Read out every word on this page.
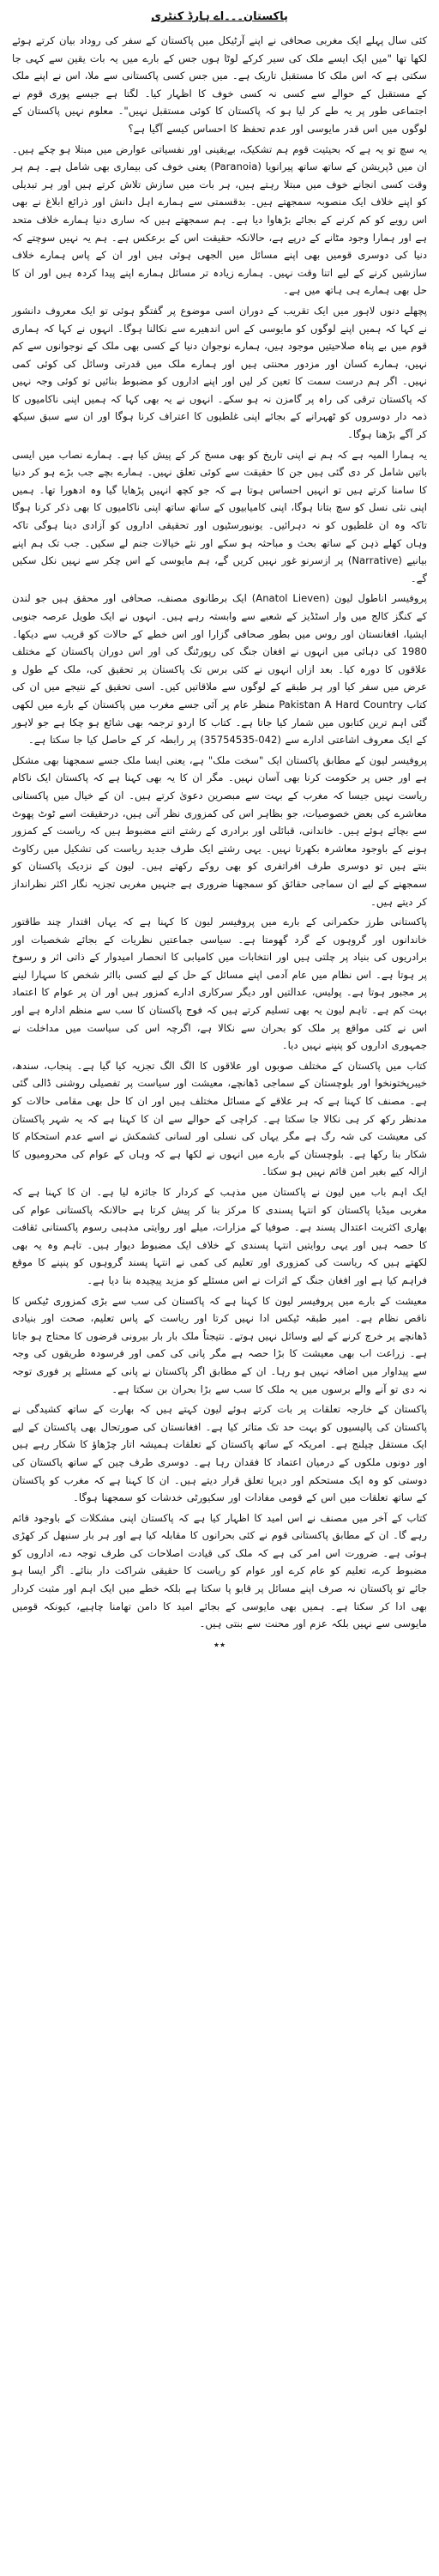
پاکستان۔۔۔اے ہارڈ کنٹری

کئی سال پہلے ایک مغربی صحافی نے اپنے آرٹیکل میں پاکستان کے سفر کی روداد بیان کرتے ہوئے لکھا تھا "میں ایک ایسے ملک کی سیر کرکے لوٹا ہوں جس کے بارے میں یہ بات یقین سے کہی جا سکتی ہے کہ اس ملک کا مستقبل تاریک ہے۔ میں جس کسی پاکستانی سے ملا، اس نے اپنے ملک کے مستقبل کے حوالے سے کسی نہ کسی خوف کا اظہار کیا۔ لگتا ہے جیسے پوری قوم نے اجتماعی طور پر یہ طے کر لیا ہو کہ پاکستان کا کوئی مستقبل نہیں"۔ معلوم نہیں پاکستان کے لوگوں میں اس قدر مایوسی اور عدم تحفظ کا احساس کیسے آگیا ہے؟

یہ سچ تو یہ ہے کہ بحیثیت قوم ہم تشکیک، بےیقینی اور نفسیاتی عوارض میں مبتلا ہو چکے ہیں۔ ان میں ڈپریشن کے ساتھ ساتھ پیرانویا (Paranoia) یعنی خوف کی بیماری بھی شامل ہے۔ ہم ہر وقت کسی انجانے خوف میں مبتلا رہتے ہیں، ہر بات میں سازش تلاش کرتے ہیں اور ہر تبدیلی کو اپنے خلاف ایک منصوبہ سمجھتے ہیں۔ بدقسمتی سے ہمارے اہل دانش اور ذرائع ابلاغ نے بھی اس رویے کو کم کرنے کے بجائے بڑھاوا دیا ہے۔ ہم سمجھتے ہیں کہ ساری دنیا ہمارے خلاف متحد ہے اور ہمارا وجود مٹانے کے درپے ہے، حالانکہ حقیقت اس کے برعکس ہے۔ ہم یہ نہیں سوچتے کہ دنیا کی دوسری قومیں بھی اپنے مسائل میں الجھی ہوئی ہیں اور ان کے پاس ہمارے خلاف سازشیں کرنے کے لیے اتنا وقت نہیں۔ ہمارے زیادہ تر مسائل ہمارے اپنے پیدا کردہ ہیں اور ان کا حل بھی ہمارے ہی ہاتھ میں ہے۔

پچھلے دنوں لاہور میں ایک تقریب کے دوران اسی موضوع پر گفتگو ہوئی تو ایک معروف دانشور نے کہا کہ ہمیں اپنے لوگوں کو مایوسی کے اس اندھیرے سے نکالنا ہوگا۔ انہوں نے کہا کہ ہماری قوم میں بے پناہ صلاحیتیں موجود ہیں، ہمارے نوجوان دنیا کے کسی بھی ملک کے نوجوانوں سے کم نہیں، ہمارے کسان اور مزدور محنتی ہیں اور ہمارے ملک میں قدرتی وسائل کی کوئی کمی نہیں۔ اگر ہم درست سمت کا تعین کر لیں اور اپنے اداروں کو مضبوط بنائیں تو کوئی وجہ نہیں کہ پاکستان ترقی کی راہ پر گامزن نہ ہو سکے۔ انہوں نے یہ بھی کہا کہ ہمیں اپنی ناکامیوں کا ذمہ دار دوسروں کو ٹھہرانے کے بجائے اپنی غلطیوں کا اعتراف کرنا ہوگا اور ان سے سبق سیکھ کر آگے بڑھنا ہوگا۔

یہ ہمارا المیہ ہے کہ ہم نے اپنی تاریخ کو بھی مسخ کر کے پیش کیا ہے۔ ہمارے نصاب میں ایسی باتیں شامل کر دی گئی ہیں جن کا حقیقت سے کوئی تعلق نہیں۔ ہمارے بچے جب بڑے ہو کر دنیا کا سامنا کرتے ہیں تو انہیں احساس ہوتا ہے کہ جو کچھ انہیں پڑھایا گیا وہ ادھورا تھا۔ ہمیں اپنی نئی نسل کو سچ بتانا ہوگا، اپنی کامیابیوں کے ساتھ ساتھ اپنی ناکامیوں کا بھی ذکر کرنا ہوگا تاکہ وہ ان غلطیوں کو نہ دہرائیں۔ یونیورسٹیوں اور تحقیقی اداروں کو آزادی دینا ہوگی تاکہ وہاں کھلے ذہن کے ساتھ بحث و مباحثہ ہو سکے اور نئے خیالات جنم لے سکیں۔ جب تک ہم اپنے بیانیے (Narrative) پر ازسرنو غور نہیں کریں گے، ہم مایوسی کے اس چکر سے نہیں نکل سکیں گے۔

پروفیسر اناطول لیون (Anatol Lieven) ایک برطانوی مصنف، صحافی اور محقق ہیں جو لندن کے کنگز کالج میں وار اسٹڈیز کے شعبے سے وابستہ رہے ہیں۔ انہوں نے ایک طویل عرصہ جنوبی ایشیا، افغانستان اور روس میں بطور صحافی گزارا اور اس خطے کے حالات کو قریب سے دیکھا۔ 1980 کی دہائی میں انہوں نے افغان جنگ کی رپورٹنگ کی اور اس دوران پاکستان کے مختلف علاقوں کا دورہ کیا۔ بعد ازاں انہوں نے کئی برس تک پاکستان پر تحقیق کی، ملک کے طول و عرض میں سفر کیا اور ہر طبقے کے لوگوں سے ملاقاتیں کیں۔ اسی تحقیق کے نتیجے میں ان کی کتاب Pakistan A Hard Country منظر عام پر آئی جسے مغرب میں پاکستان کے بارے میں لکھی گئی اہم ترین کتابوں میں شمار کیا جاتا ہے۔ کتاب کا اردو ترجمہ بھی شائع ہو چکا ہے جو لاہور کے ایک معروف اشاعتی ادارے سے (042-35754535) پر رابطہ کر کے حاصل کیا جا سکتا ہے۔

پروفیسر لیون کے مطابق پاکستان ایک "سخت ملک" ہے، یعنی ایسا ملک جسے سمجھنا بھی مشکل ہے اور جس پر حکومت کرنا بھی آسان نہیں۔ مگر ان کا یہ بھی کہنا ہے کہ پاکستان ایک ناکام ریاست نہیں جیسا کہ مغرب کے بہت سے مبصرین دعویٰ کرتے ہیں۔ ان کے خیال میں پاکستانی معاشرے کی بعض خصوصیات، جو بظاہر اس کی کمزوری نظر آتی ہیں، درحقیقت اسے ٹوٹ پھوٹ سے بچائے ہوئے ہیں۔ خاندانی، قبائلی اور برادری کے رشتے اتنے مضبوط ہیں کہ ریاست کے کمزور ہونے کے باوجود معاشرہ بکھرتا نہیں۔ یہی رشتے ایک طرف جدید ریاست کی تشکیل میں رکاوٹ بنتے ہیں تو دوسری طرف افراتفری کو بھی روکے رکھتے ہیں۔ لیون کے نزدیک پاکستان کو سمجھنے کے لیے ان سماجی حقائق کو سمجھنا ضروری ہے جنہیں مغربی تجزیہ نگار اکثر نظرانداز کر دیتے ہیں۔

پاکستانی طرز حکمرانی کے بارے میں پروفیسر لیون کا کہنا ہے کہ یہاں اقتدار چند طاقتور خاندانوں اور گروہوں کے گرد گھومتا ہے۔ سیاسی جماعتیں نظریات کے بجائے شخصیات اور برادریوں کی بنیاد پر چلتی ہیں اور انتخابات میں کامیابی کا انحصار امیدوار کے ذاتی اثر و رسوخ پر ہوتا ہے۔ اس نظام میں عام آدمی اپنے مسائل کے حل کے لیے کسی بااثر شخص کا سہارا لینے پر مجبور ہوتا ہے۔ پولیس، عدالتیں اور دیگر سرکاری ادارے کمزور ہیں اور ان پر عوام کا اعتماد بہت کم ہے۔ تاہم لیون یہ بھی تسلیم کرتے ہیں کہ فوج پاکستان کا سب سے منظم ادارہ ہے اور اس نے کئی مواقع پر ملک کو بحران سے نکالا ہے، اگرچہ اس کی سیاست میں مداخلت نے جمہوری اداروں کو پنپنے نہیں دیا۔

کتاب میں پاکستان کے مختلف صوبوں اور علاقوں کا الگ الگ تجزیہ کیا گیا ہے۔ پنجاب، سندھ، خیبرپختونخوا اور بلوچستان کے سماجی ڈھانچے، معیشت اور سیاست پر تفصیلی روشنی ڈالی گئی ہے۔ مصنف کا کہنا ہے کہ ہر علاقے کے مسائل مختلف ہیں اور ان کا حل بھی مقامی حالات کو مدنظر رکھ کر ہی نکالا جا سکتا ہے۔ کراچی کے حوالے سے ان کا کہنا ہے کہ یہ شہر پاکستان کی معیشت کی شہ رگ ہے مگر یہاں کی نسلی اور لسانی کشمکش نے اسے عدم استحکام کا شکار بنا رکھا ہے۔ بلوچستان کے بارے میں انہوں نے لکھا ہے کہ وہاں کے عوام کی محرومیوں کا ازالہ کیے بغیر امن قائم نہیں ہو سکتا۔

ایک اہم باب میں لیون نے پاکستان میں مذہب کے کردار کا جائزہ لیا ہے۔ ان کا کہنا ہے کہ مغربی میڈیا پاکستان کو انتہا پسندی کا مرکز بنا کر پیش کرتا ہے حالانکہ پاکستانی عوام کی بھاری اکثریت اعتدال پسند ہے۔ صوفیا کے مزارات، میلے اور روایتی مذہبی رسوم پاکستانی ثقافت کا حصہ ہیں اور یہی روایتیں انتہا پسندی کے خلاف ایک مضبوط دیوار ہیں۔ تاہم وہ یہ بھی لکھتے ہیں کہ ریاست کی کمزوری اور تعلیم کی کمی نے انتہا پسند گروہوں کو پنپنے کا موقع فراہم کیا ہے اور افغان جنگ کے اثرات نے اس مسئلے کو مزید پیچیدہ بنا دیا ہے۔

معیشت کے بارے میں پروفیسر لیون کا کہنا ہے کہ پاکستان کی سب سے بڑی کمزوری ٹیکس کا ناقص نظام ہے۔ امیر طبقہ ٹیکس ادا نہیں کرتا اور ریاست کے پاس تعلیم، صحت اور بنیادی ڈھانچے پر خرچ کرنے کے لیے وسائل نہیں ہوتے۔ نتیجتاً ملک بار بار بیرونی قرضوں کا محتاج ہو جاتا ہے۔ زراعت اب بھی معیشت کا بڑا حصہ ہے مگر پانی کی کمی اور فرسودہ طریقوں کی وجہ سے پیداوار میں اضافہ نہیں ہو رہا۔ ان کے مطابق اگر پاکستان نے پانی کے مسئلے پر فوری توجہ نہ دی تو آنے والے برسوں میں یہ ملک کا سب سے بڑا بحران بن سکتا ہے۔

پاکستان کے خارجہ تعلقات پر بات کرتے ہوئے لیون کہتے ہیں کہ بھارت کے ساتھ کشیدگی نے پاکستان کی پالیسیوں کو بہت حد تک متاثر کیا ہے۔ افغانستان کی صورتحال بھی پاکستان کے لیے ایک مستقل چیلنج ہے۔ امریکہ کے ساتھ پاکستان کے تعلقات ہمیشہ اتار چڑھاؤ کا شکار رہے ہیں اور دونوں ملکوں کے درمیان اعتماد کا فقدان رہا ہے۔ دوسری طرف چین کے ساتھ پاکستان کی دوستی کو وہ ایک مستحکم اور دیرپا تعلق قرار دیتے ہیں۔ ان کا کہنا ہے کہ مغرب کو پاکستان کے ساتھ تعلقات میں اس کے قومی مفادات اور سکیورٹی خدشات کو سمجھنا ہوگا۔

کتاب کے آخر میں مصنف نے اس امید کا اظہار کیا ہے کہ پاکستان اپنی مشکلات کے باوجود قائم رہے گا۔ ان کے مطابق پاکستانی قوم نے کئی بحرانوں کا مقابلہ کیا ہے اور ہر بار سنبھل کر کھڑی ہوئی ہے۔ ضرورت اس امر کی ہے کہ ملک کی قیادت اصلاحات کی طرف توجہ دے، اداروں کو مضبوط کرے، تعلیم کو عام کرے اور عوام کو ریاست کا حقیقی شراکت دار بنائے۔ اگر ایسا ہو جائے تو پاکستان نہ صرف اپنے مسائل پر قابو پا سکتا ہے بلکہ خطے میں ایک اہم اور مثبت کردار بھی ادا کر سکتا ہے۔ ہمیں بھی مایوسی کے بجائے امید کا دامن تھامنا چاہیے، کیونکہ قومیں مایوسی سے نہیں بلکہ عزم اور محنت سے بنتی ہیں۔

٭٭
